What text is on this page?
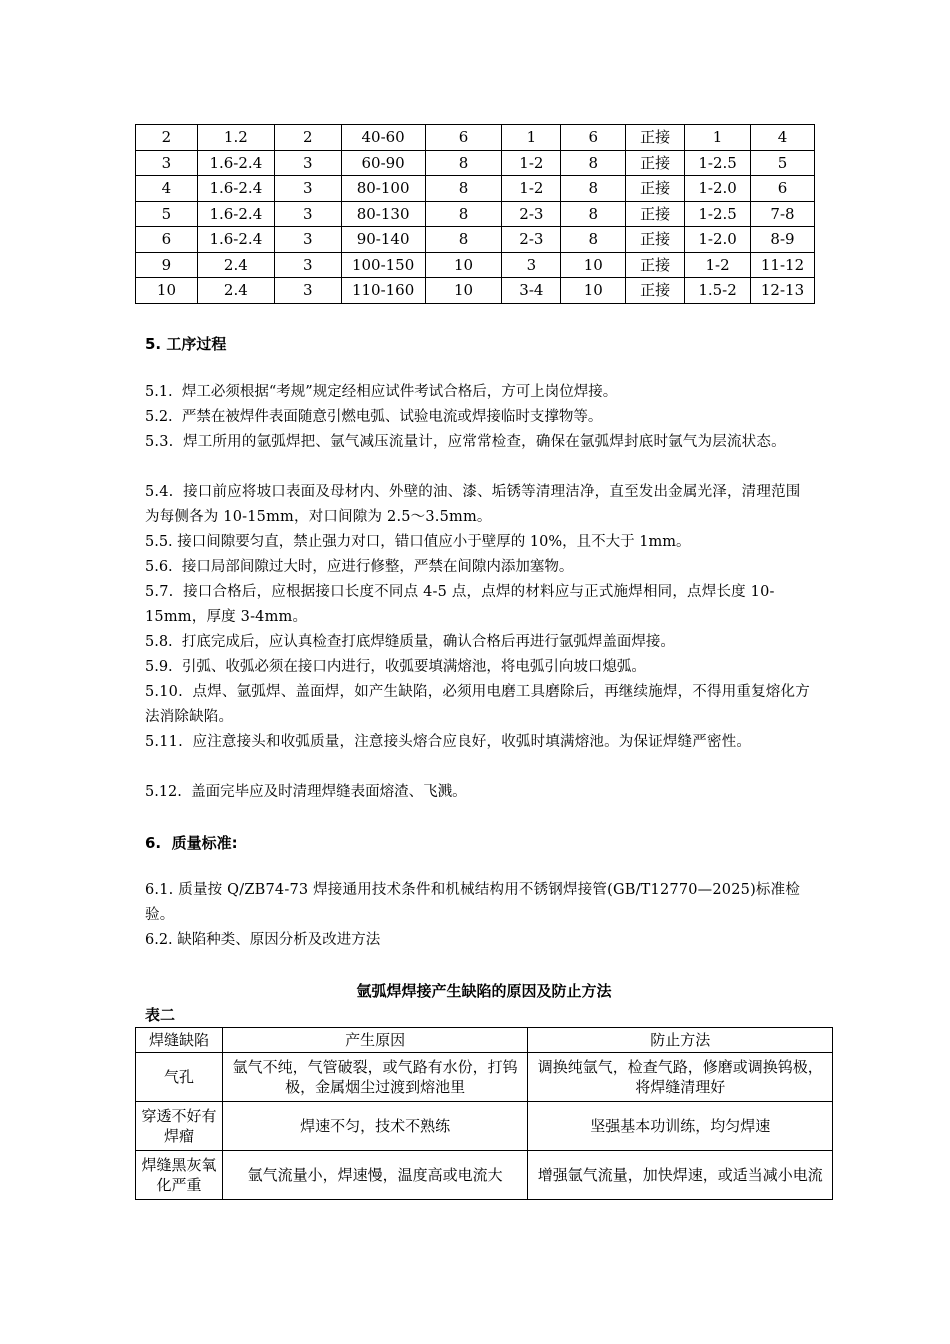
2	1.2	2	40-60	6	1	6	正接	1	4
3	1.6-2.4	3	60-90	8	1-2	8	正接	1-2.5	5
4	1.6-2.4	3	80-100	8	1-2	8	正接	1-2.0	6
5	1.6-2.4	3	80-130	8	2-3	8	正接	1-2.5	7-8
6	1.6-2.4	3	90-140	8	2-3	8	正接	1-2.0	8-9
9	2.4	3	100-150	10	3	10	正接	1-2	11-12
10	2.4	3	110-160	10	3-4	10	正接	1.5-2	12-13
5. 工序过程
5.1.  焊工必须根据“考规”规定经相应试件考试合格后，方可上岗位焊接。
5.2.  严禁在被焊件表面随意引燃电弧、试验电流或焊接临时支撑物等。
5.3.  焊工所用的氩弧焊把、氩气减压流量计，应常常检查，确保在氩弧焊封底时氩气为层流状态。
5.4.  接口前应将坡口表面及母材内、外壁的油、漆、垢锈等清理洁净，直至发出金属光泽，清理范围为每侧各为 10-15mm，对口间隙为 2.5～3.5mm。
5.5. 接口间隙要匀直，禁止强力对口，错口值应小于壁厚的 10%，且不大于 1mm。
5.6.  接口局部间隙过大时，应进行修整，严禁在间隙内添加塞物。
5.7.  接口合格后，应根据接口长度不同点 4-5 点，点焊的材料应与正式施焊相同，点焊长度 10-15mm，厚度 3-4mm。
5.8.  打底完成后，应认真检查打底焊缝质量，确认合格后再进行氩弧焊盖面焊接。
5.9.  引弧、收弧必须在接口内进行，收弧要填满熔池，将电弧引向坡口熄弧。
5.10.  点焊、氩弧焊、盖面焊，如产生缺陷，必须用电磨工具磨除后，再继续施焊，不得用重复熔化方法消除缺陷。
5.11.  应注意接头和收弧质量，注意接头熔合应良好，收弧时填满熔池。为保证焊缝严密性。
5.12.  盖面完毕应及时清理焊缝表面熔渣、飞溅。
6.  质量标准:
6.1. 质量按 Q/ZB74-73 焊接通用技术条件和机械结构用不锈钢焊接管(GB/T12770—2025)标准检验。
6.2. 缺陷种类、原因分析及改进方法
氩弧焊焊接产生缺陷的原因及防止方法
表二
焊缝缺陷	产生原因	防止方法
气孔	氩气不纯，气管破裂，或气路有水份，打钨极，金属烟尘过渡到熔池里	调换纯氩气，检查气路，修磨或调换钨极，将焊缝清理好
穿透不好有焊瘤	焊速不匀，技术不熟练	坚强基本功训练，均匀焊速
焊缝黑灰氧化严重	氩气流量小，焊速慢，温度高或电流大	增强氩气流量，加快焊速，或适当减小电流
